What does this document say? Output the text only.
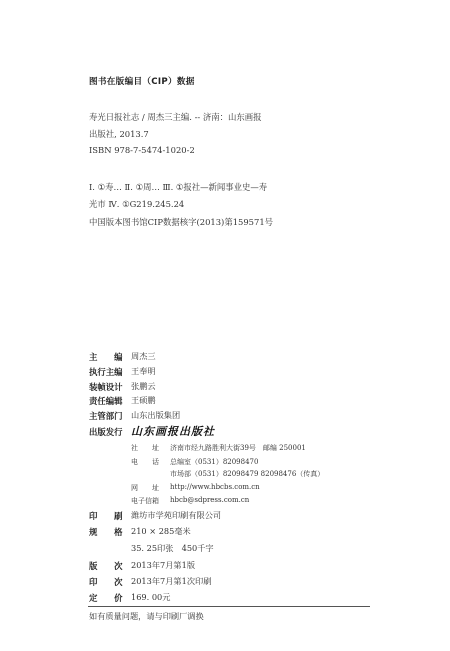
图书在版编目（CIP）数据
寿光日报社志 / 周杰三主编. -- 济南：山东画报
出版社, 2013.7
ISBN 978-7-5474-1020-2
Ⅰ. ①寿… Ⅱ. ①周… Ⅲ. ①报社—新闻事业史—寿
光市 Ⅳ. ①G219.245.24
中国版本图书馆CIP数据核字(2013)第159571号
主　　编 周杰三
执行主编 王奉明
装帧设计 张鹏云
责任编辑 王硕鹏
主管部门 山东出版集团
出版发行 山东画报出版社
社　　址 济南市经九路胜利大街39号　邮编 250001
电　　话 总编室（0531）82098470
市场部（0531）82098479 82098476（传真）
网　　址 http://www.hbcbs.com.cn
电子信箱 hbcb@sdpress.com.cn
印　　刷 潍坊市学苑印刷有限公司
规　　格 210 × 285毫米
35. 25印张　450千字
版　　次 2013年7月第1版
印　　次 2013年7月第1次印刷
定　　价 169. 00元
如有质量问题，请与印刷厂调换
